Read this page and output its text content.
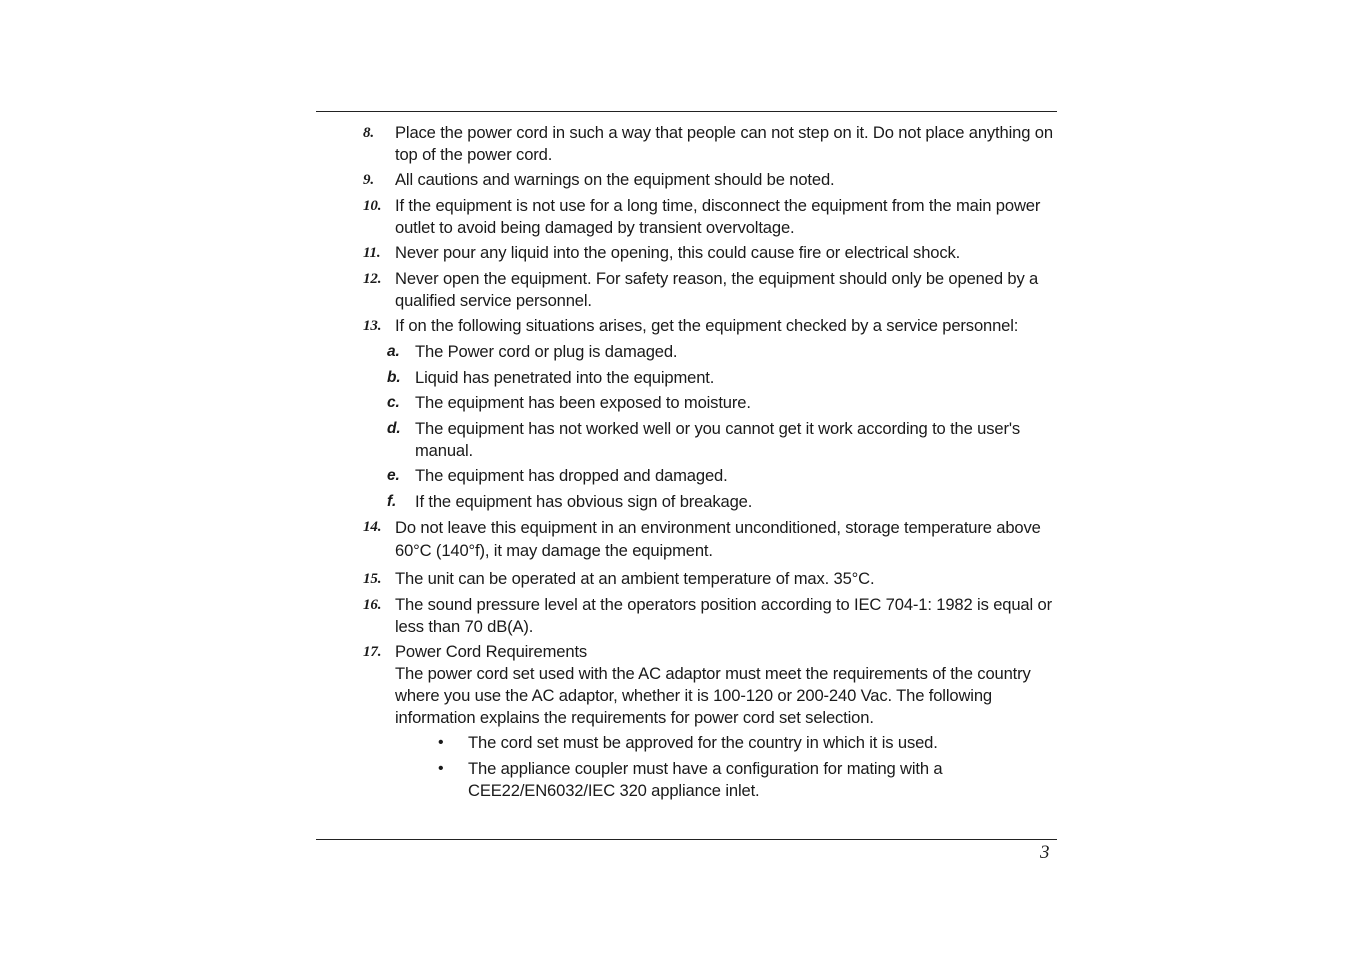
8. Place the power cord in such a way that people can not step on it. Do not place anything on top of the power cord.
9. All cautions and warnings on the equipment should be noted.
10. If the equipment is not use for a long time, disconnect the equipment from the main power outlet to avoid being damaged by transient overvoltage.
11. Never pour any liquid into the opening, this could cause fire or electrical shock.
12. Never open the equipment. For safety reason, the equipment should only be opened by a qualified service personnel.
13. If on the following situations arises, get the equipment checked by a service personnel:
a. The Power cord or plug is damaged.
b. Liquid has penetrated into the equipment.
c. The equipment has been exposed to moisture.
d. The equipment has not worked well or you cannot get it work according to the user's manual.
e. The equipment has dropped and damaged.
f. If the equipment has obvious sign of breakage.
14. Do not leave this equipment in an environment unconditioned, storage temperature above 60°C (140°f), it may damage the equipment.
15. The unit can be operated at an ambient temperature of max. 35°C.
16. The sound pressure level at the operators position according to IEC 704-1: 1982 is equal or less than 70 dB(A).
17. Power Cord Requirements
The power cord set used with the AC adaptor must meet the requirements of the country where you use the AC adaptor, whether it is 100-120 or 200-240 Vac. The following information explains the requirements for power cord set selection.
• The cord set must be approved for the country in which it is used.
• The appliance coupler must have a configuration for mating with a CEE22/EN6032/IEC 320 appliance inlet.
3
